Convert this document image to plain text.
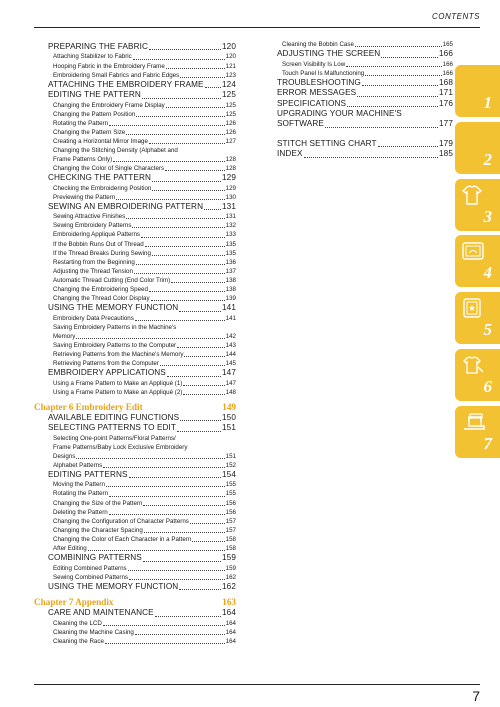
CONTENTS
PREPARING THE FABRIC	120
Attaching Stabilizer to Fabric	120
Hooping Fabric in the Embroidery Frame	121
Embroidering Small Fabrics and Fabric Edges	123
ATTACHING THE EMBROIDERY FRAME 124
EDITING THE PATTERN	125
Changing the Embroidery Frame Display	125
Changing the Pattern Position	125
Rotating the Pattern	126
Changing the Pattern Size	126
Creating a Horizontal Mirror Image	127
Changing the Stitching Density (Alphabet and
Frame Patterns Only)	128
Changing the Color of Single Characters	128
CHECKING THE PATTERN	129
Checking the Embroidering Position	129
Previewing the Pattern	130
SEWING AN EMBROIDERING PATTERN 131
Sewing Attractive Finishes	131
Sewing Embroidery Patterns	132
Embroidering Appliqué Patterns	133
If the Bobbin Runs Out of Thread	135
If the Thread Breaks During Sewing	135
Restarting from the Beginning	136
Adjusting the Thread Tension	137
Automatic Thread Cutting (End Color Trim)	138
Changing the Embroidering Speed	138
Changing the Thread Color Display	139
USING THE MEMORY FUNCTION	141
Embroidery Data Precautions	141
Saving Embroidery Patterns in the Machine's
Memory	142
Saving Embroidery Patterns to the Computer	143
Retrieving Patterns from the Machine's Memory	144
Retrieving Patterns from the Computer	145
EMBROIDERY APPLICATIONS	147
Using a Frame Pattern to Make an Appliqué (1)	147
Using a Frame Pattern to Make an Appliqué (2)	148
Chapter 6 Embroidery Edit	149
AVAILABLE EDITING FUNCTIONS	150
SELECTING PATTERNS TO EDIT	151
Selecting One-point Patterns/Floral Patterns/
Frame Patterns/Baby Lock Exclusive Embroidery
Designs	151
Alphabet Patterns	152
EDITING PATTERNS	154
Moving the Pattern	155
Rotating the Pattern	155
Changing the Size of the Pattern	156
Deleting the Pattern	156
Changing the Configuration of Character Patterns	157
Changing the Character Spacing	157
Changing the Color of Each Character in a Pattern	158
After Editing	158
COMBINING PATTERNS	159
Editing Combined Patterns	159
Sewing Combined Patterns	162
USING THE MEMORY FUNCTION	162
Chapter 7 Appendix	163
CARE AND MAINTENANCE	164
Cleaning the LCD	164
Cleaning the Machine Casing	164
Cleaning the Race	164
Cleaning the Bobbin Case	165
ADJUSTING THE SCREEN	166
Screen Visibility Is Low	166
Touch Panel Is Malfunctioning	166
TROUBLESHOOTING	168
ERROR MESSAGES	171
SPECIFICATIONS	176
UPGRADING YOUR MACHINE'S
SOFTWARE	177
STITCH SETTING CHART	179
INDEX	185
1
2
3
4
5
6
7
7
